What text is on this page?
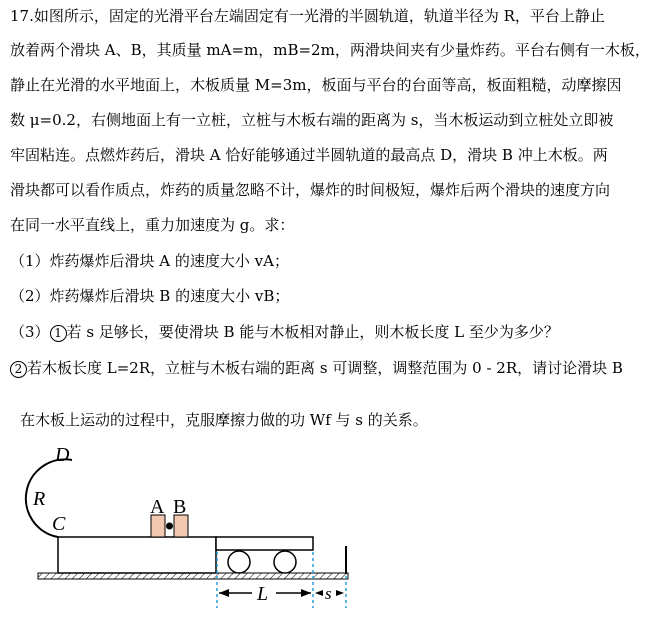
17.如图所示，固定的光滑平台左端固定有一光滑的半圆轨道，轨道半径为 R，平台上静止
放着两个滑块 A、B，其质量 mA=m，mB=2m，两滑块间夹有少量炸药。平台右侧有一木板，
静止在光滑的水平地面上，木板质量 M=3m，板面与平台的台面等高，板面粗糙，动摩擦因
数 μ=0.2，右侧地面上有一立桩，立桩与木板右端的距离为 s，当木板运动到立桩处立即被
牢固粘连。点燃炸药后，滑块 A 恰好能够通过半圆轨道的最高点 D，滑块 B 冲上木板。两
滑块都可以看作质点，炸药的质量忽略不计，爆炸的时间极短，爆炸后两个滑块的速度方向
在同一水平直线上，重力加速度为 g。求：
（1）炸药爆炸后滑块 A 的速度大小 vA；
（2）炸药爆炸后滑块 B 的速度大小 vB；
（3） 1 若 s 足够长，要使滑块 B 能与木板相对静止，则木板长度 L 至少为多少？
2 若木板长度 L=2R，立桩与木板右端的距离 s 可调整，调整范围为 0 - 2R，请讨论滑块 B
在木板上运动的过程中，克服摩擦力做的功 Wf 与 s 的关系。
D
R
C
A B
L	s
